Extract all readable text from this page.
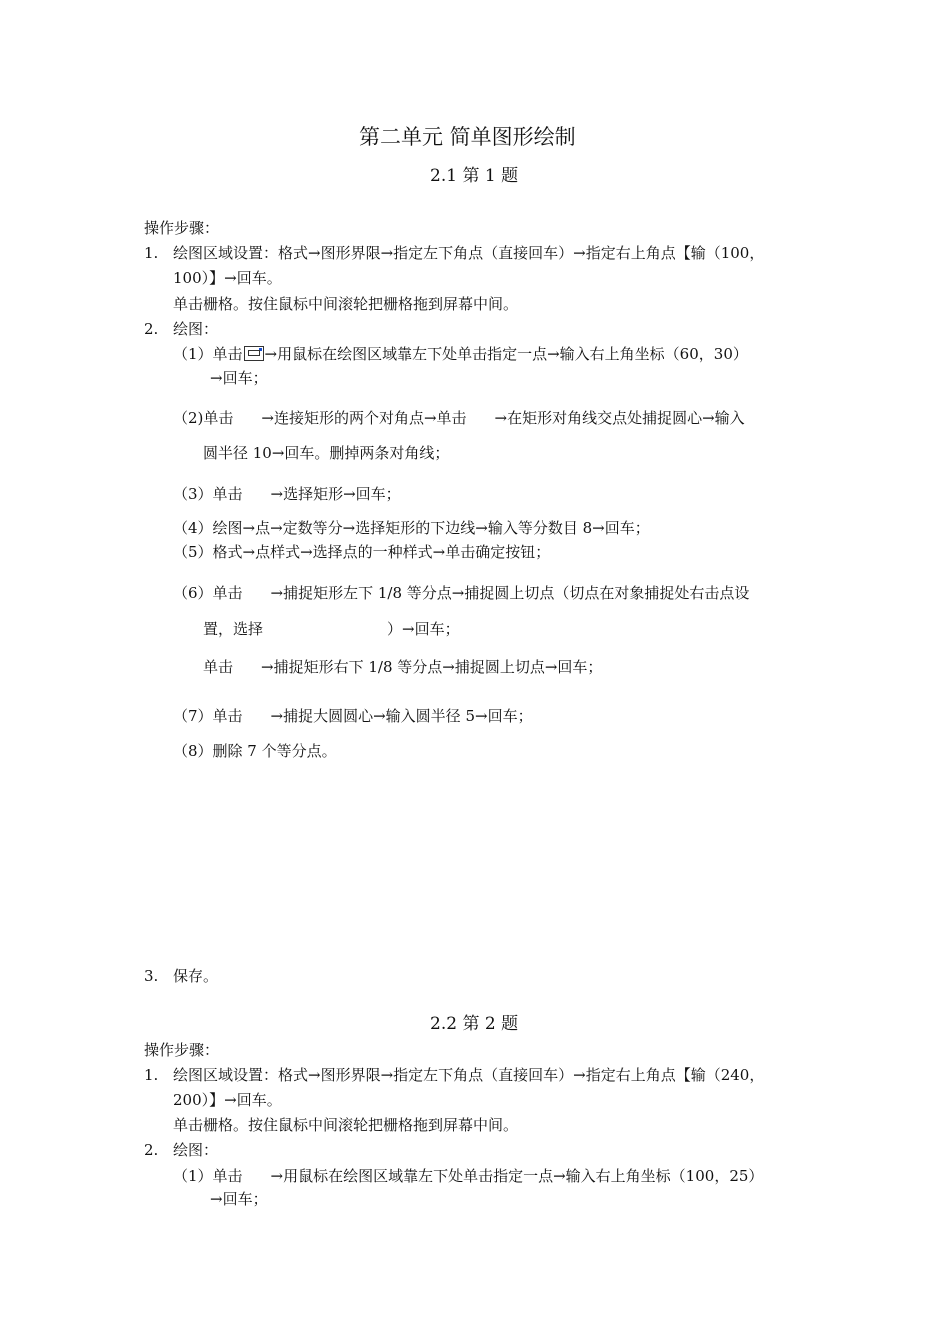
第二单元 简单图形绘制
2.1 第 1 题
操作步骤：
1. 绘图区域设置：格式→图形界限→指定左下角点（直接回车）→指定右上角点【输（100，
100）】→回车。
单击栅格。按住鼠标中间滚轮把栅格拖到屏幕中间。
2. 绘图：
（1）单击 →用鼠标在绘图区域靠左下处单击指定一点→输入右上角坐标（60，30）
→回车；
（2)单击 →连接矩形的两个对角点→单击 →在矩形对角线交点处捕捉圆心→输入
圆半径 10→回车。删掉两条对角线；
（3）单击 →选择矩形→回车；
（4）绘图→点→定数等分→选择矩形的下边线→输入等分数目 8→回车；
（5）格式→点样式→选择点的一种样式→单击确定按钮；
（6）单击 →捕捉矩形左下 1/8 等分点→捕捉圆上切点（切点在对象捕捉处右击点设
置，选择	）→回车；
单击 →捕捉矩形右下 1/8 等分点→捕捉圆上切点→回车；
（7）单击 →捕捉大圆圆心→输入圆半径 5→回车；
（8）删除 7 个等分点。
3. 保存。
2.2 第 2 题
操作步骤：
1. 绘图区域设置：格式→图形界限→指定左下角点（直接回车）→指定右上角点【输（240，
200）】→回车。
单击栅格。按住鼠标中间滚轮把栅格拖到屏幕中间。
2. 绘图：
（1）单击 →用鼠标在绘图区域靠左下处单击指定一点→输入右上角坐标（100，25）
→回车；
